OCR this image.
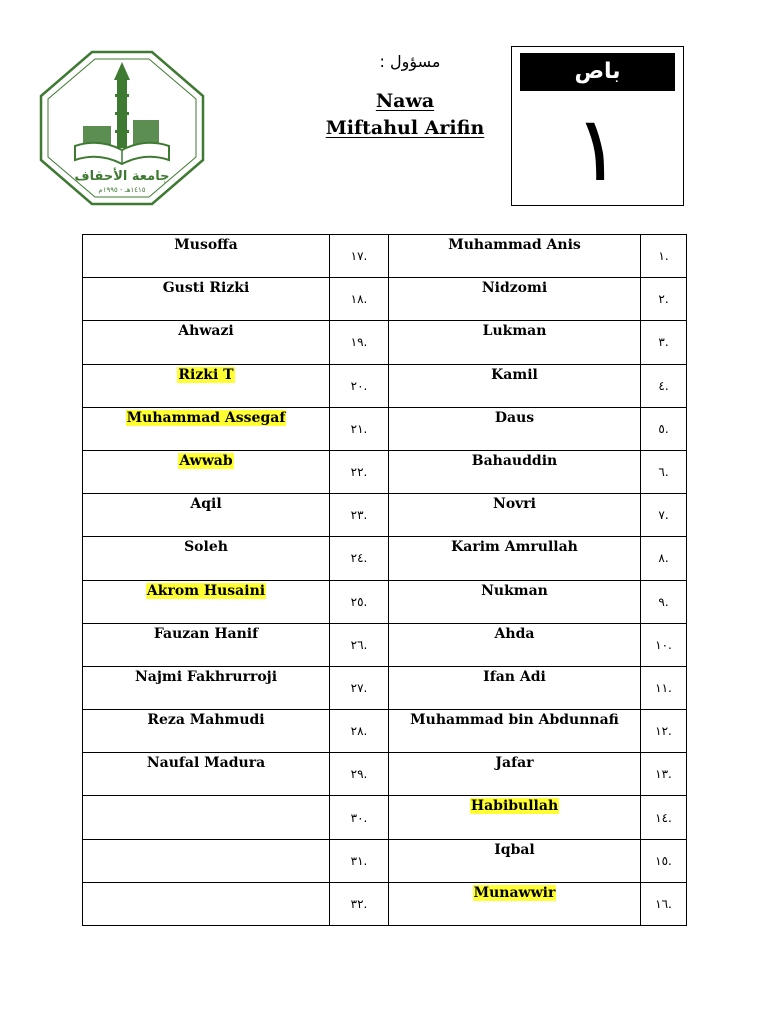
جامعة الأحقاف
١٤١٥هـ - ١٩٩٥م
مسؤول :
Nawa
Miftahul Arifin
باص
١
Musoffa	.١٧	Muhammad Anis	.١
Gusti Rizki	.١٨	Nidzomi	.٢
Ahwazi	.١٩	Lukman	.٣
Rizki T	.٢٠	Kamil	.٤
Muhammad Assegaf	.٢١	Daus	.٥
Awwab	.٢٢	Bahauddin	.٦
Aqil	.٢٣	Novri	.٧
Soleh	.٢٤	Karim Amrullah	.٨
Akrom Husaini	.٢٥	Nukman	.٩
Fauzan Hanif	.٢٦	Ahda	.١٠
Najmi Fakhrurroji	.٢٧	Ifan Adi	.١١
Reza Mahmudi	.٢٨	Muhammad bin Abdunnafi	.١٢
Naufal Madura	.٢٩	Jafar	.١٣
	.٣٠	Habibullah	.١٤
	.٣١	Iqbal	.١٥
	.٣٢	Munawwir	.١٦
